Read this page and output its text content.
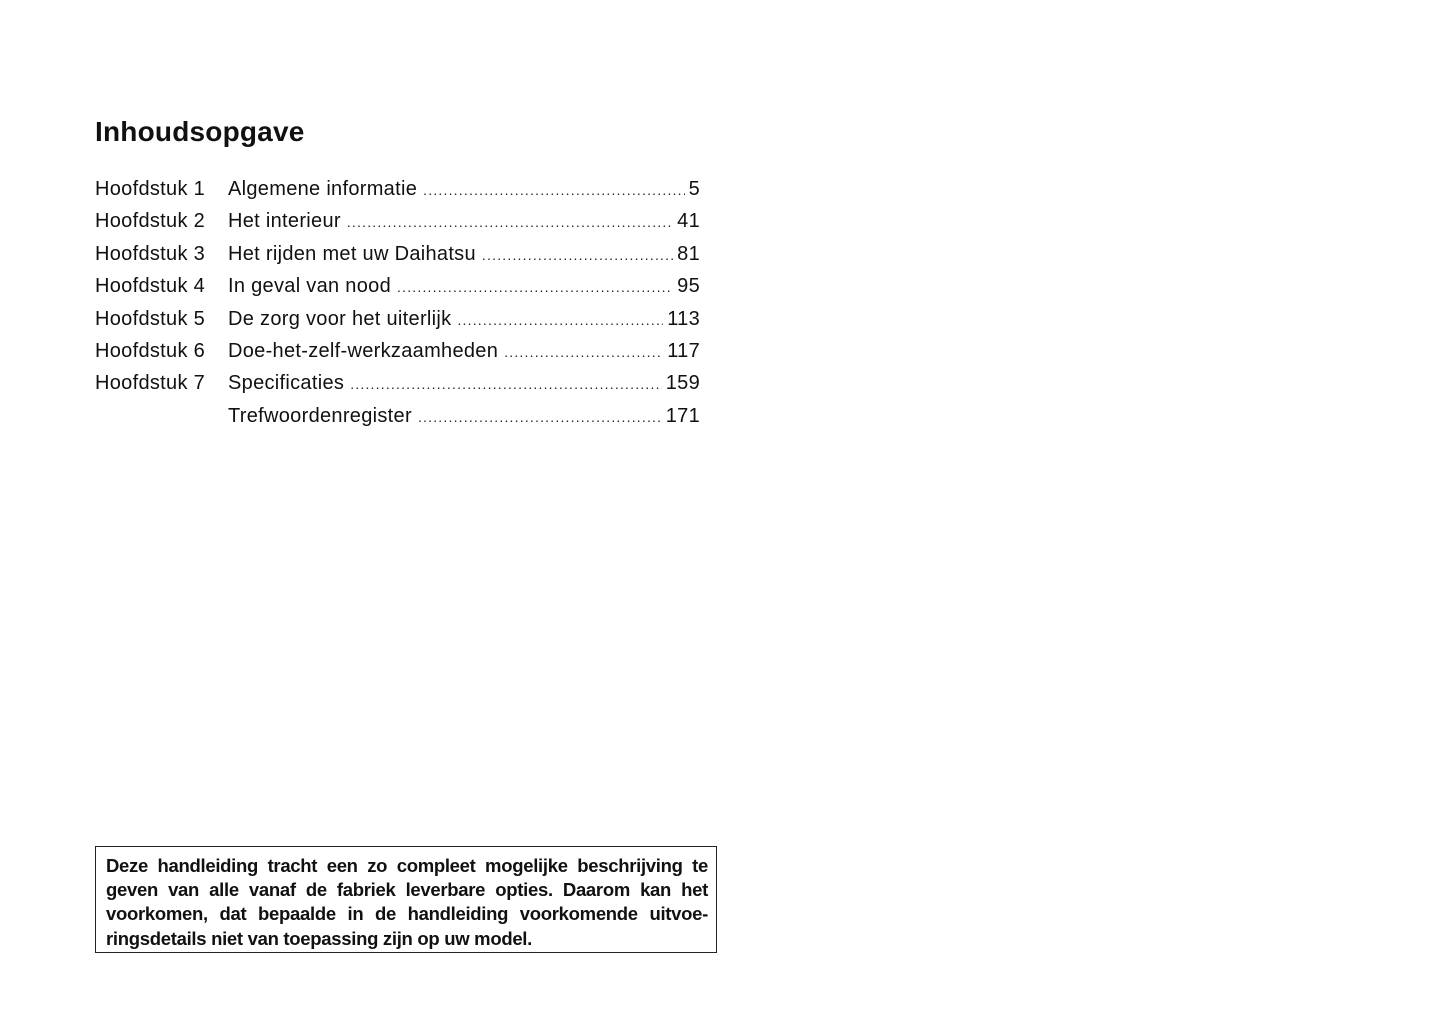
Inhoudsopgave
Hoofdstuk 1	Algemene informatie .....	5
Hoofdstuk 2	Het interieur .....	41
Hoofdstuk 3	Het rijden met uw Daihatsu .....	81
Hoofdstuk 4	In geval van nood .....	95
Hoofdstuk 5	De zorg voor het uiterlijk .....	113
Hoofdstuk 6	Doe-het-zelf-werkzaamheden .....	117
Hoofdstuk 7	Specificaties .....	159
Trefwoordenregister .....	171

Deze handleiding tracht een zo compleet mogelijke beschrijving te geven van alle vanaf de fabriek leverbare opties. Daarom kan het voorkomen, dat bepaalde in de handleiding voorkomende uitvoe- ringsdetails niet van toepassing zijn op uw model.
